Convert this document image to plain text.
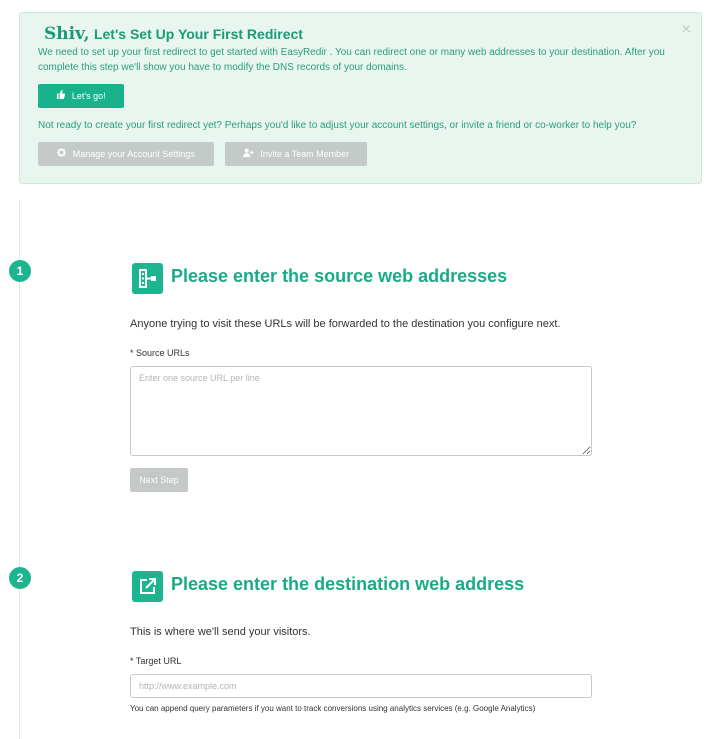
Shiv, Let's Set Up Your First Redirect	×
We need to set up your first redirect to get started with EasyRedir . You can redirect one or many web addresses to your destination. After you complete this step we'll show you have to modify the DNS records of your domains.
Let's go!
Not ready to create your first redirect yet? Perhaps you'd like to adjust your account settings, or invite a friend or co-worker to help you?
Manage your Account Settings	Invite a Team Member
1	Please enter the source web addresses
Anyone trying to visit these URLs will be forwarded to the destination you configure next.
* Source URLs
Enter one source URL per line
Next Step
2	Please enter the destination web address
This is where we'll send your visitors.
* Target URL
http://www.example.com
You can append query parameters if you want to track conversions using analytics services (e.g. Google Analytics)
